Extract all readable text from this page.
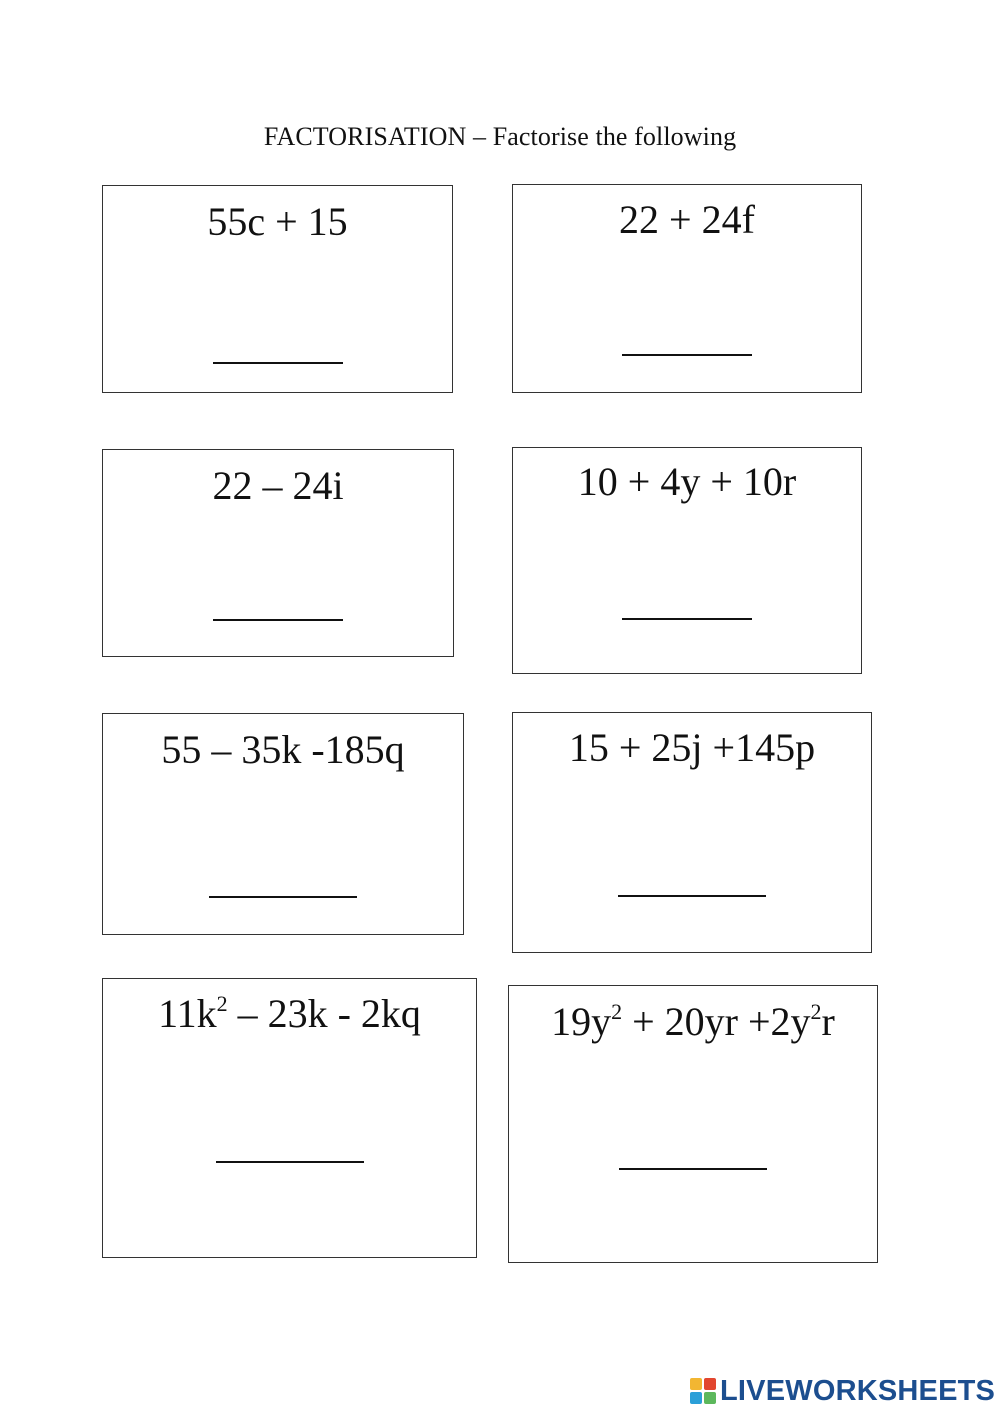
FACTORISATION – Factorise the following
55c + 15	22 + 24f
22 – 24i	10 + 4y + 10r
55 – 35k -185q	15 + 25j +145p
$11k^2 - 23k - 2kq$	$19y^2 + 20yr +2y^2r$
LIVEWORKSHEETS
